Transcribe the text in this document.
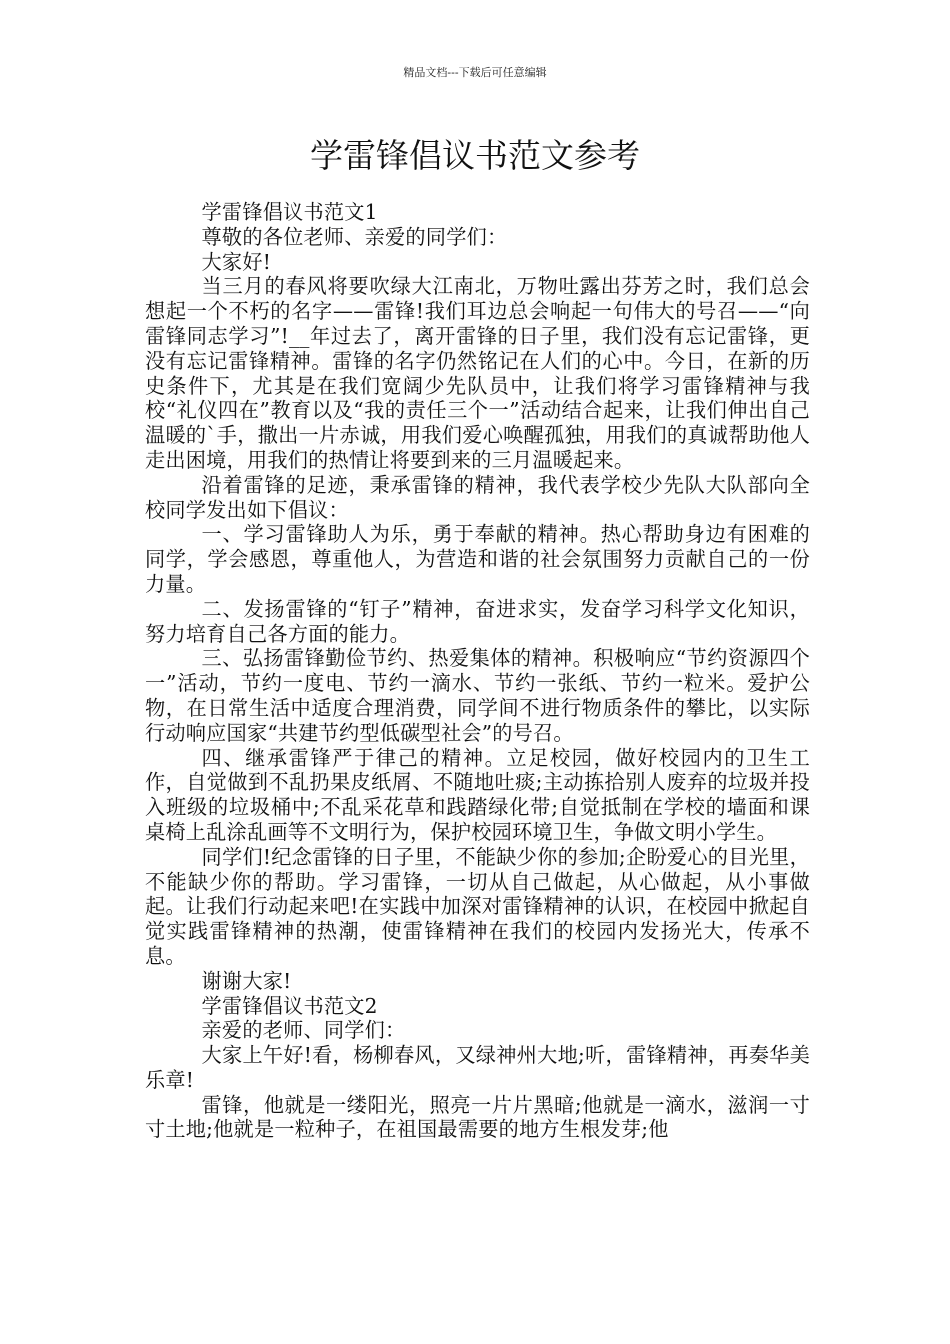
精品文档---下载后可任意编辑
学雷锋倡议书范文参考

学雷锋倡议书范文1

尊敬的各位老师、亲爱的同学们：

大家好!

当三月的春风将要吹绿大江南北，万物吐露出芬芳之时，我们总会想起一个不朽的名字——雷锋!我们耳边总会响起一句伟大的号召——“向雷锋同志学习”!__年过去了，离开雷锋的日子里，我们没有忘记雷锋，更没有忘记雷锋精神。雷锋的名字仍然铭记在人们的心中。今日，在新的历史条件下，尤其是在我们宽阔少先队员中，让我们将学习雷锋精神与我校“礼仪四在”教育以及“我的责任三个一”活动结合起来，让我们伸出自己温暖的`手，撒出一片赤诚，用我们爱心唤醒孤独，用我们的真诚帮助他人走出困境，用我们的热情让将要到来的三月温暖起来。

沿着雷锋的足迹，秉承雷锋的精神，我代表学校少先队大队部向全校同学发出如下倡议：

一、学习雷锋助人为乐，勇于奉献的精神。热心帮助身边有困难的同学，学会感恩，尊重他人，为营造和谐的社会氛围努力贡献自己的一份力量。

二、发扬雷锋的“钉子”精神，奋进求实，发奋学习科学文化知识，努力培育自己各方面的能力。

三、弘扬雷锋勤俭节约、热爱集体的精神。积极响应“节约资源四个一”活动，节约一度电、节约一滴水、节约一张纸、节约一粒米。爱护公物，在日常生活中适度合理消费，同学间不进行物质条件的攀比，以实际行动响应国家“共建节约型低碳型社会”的号召。

四、继承雷锋严于律己的精神。立足校园，做好校园内的卫生工作，自觉做到不乱扔果皮纸屑、不随地吐痰;主动拣拾别人废弃的垃圾并投入班级的垃圾桶中;不乱采花草和践踏绿化带;自觉抵制在学校的墙面和课桌椅上乱涂乱画等不文明行为，保护校园环境卫生，争做文明小学生。

同学们!纪念雷锋的日子里，不能缺少你的参加;企盼爱心的目光里，不能缺少你的帮助。学习雷锋，一切从自己做起，从心做起，从小事做起。让我们行动起来吧!在实践中加深对雷锋精神的认识，在校园中掀起自觉实践雷锋精神的热潮，使雷锋精神在我们的校园内发扬光大，传承不息。

谢谢大家!

学雷锋倡议书范文2

亲爱的老师、同学们：

大家上午好!看，杨柳春风，又绿神州大地;听，雷锋精神，再奏华美乐章!

雷锋，他就是一缕阳光，照亮一片片黑暗;他就是一滴水，滋润一寸寸土地;他就是一粒种子，在祖国最需要的地方生根发芽;他
